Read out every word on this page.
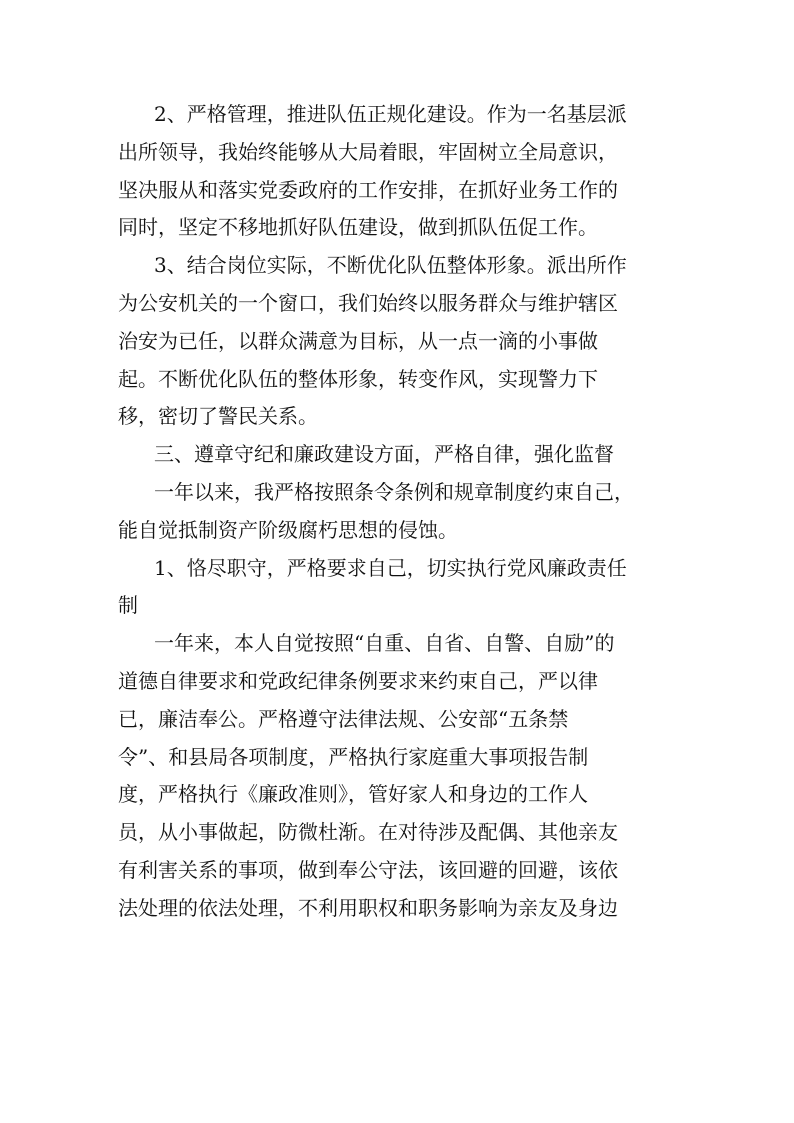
2、严格管理，推进队伍正规化建设。作为一名基层派
出所领导，我始终能够从大局着眼，牢固树立全局意识，
坚决服从和落实党委政府的工作安排，在抓好业务工作的
同时，坚定不移地抓好队伍建设，做到抓队伍促工作。
3、结合岗位实际，不断优化队伍整体形象。派出所作
为公安机关的一个窗口，我们始终以服务群众与维护辖区
治安为已任，以群众满意为目标，从一点一滴的小事做
起。不断优化队伍的整体形象，转变作风，实现警力下
移，密切了警民关系。
三、遵章守纪和廉政建设方面，严格自律，强化监督
一年以来，我严格按照条令条例和规章制度约束自己，
能自觉抵制资产阶级腐朽思想的侵蚀。
1、恪尽职守，严格要求自己，切实执行党风廉政责任
制
一年来，本人自觉按照“自重、自省、自警、自励”的
道德自律要求和党政纪律条例要求来约束自己，严以律
已，廉洁奉公。严格遵守法律法规、公安部“五条禁
令”、和县局各项制度，严格执行家庭重大事项报告制
度，严格执行《廉政准则》，管好家人和身边的工作人
员，从小事做起，防微杜渐。在对待涉及配偶、其他亲友
有利害关系的事项，做到奉公守法，该回避的回避，该依
法处理的依法处理，不利用职权和职务影响为亲友及身边
